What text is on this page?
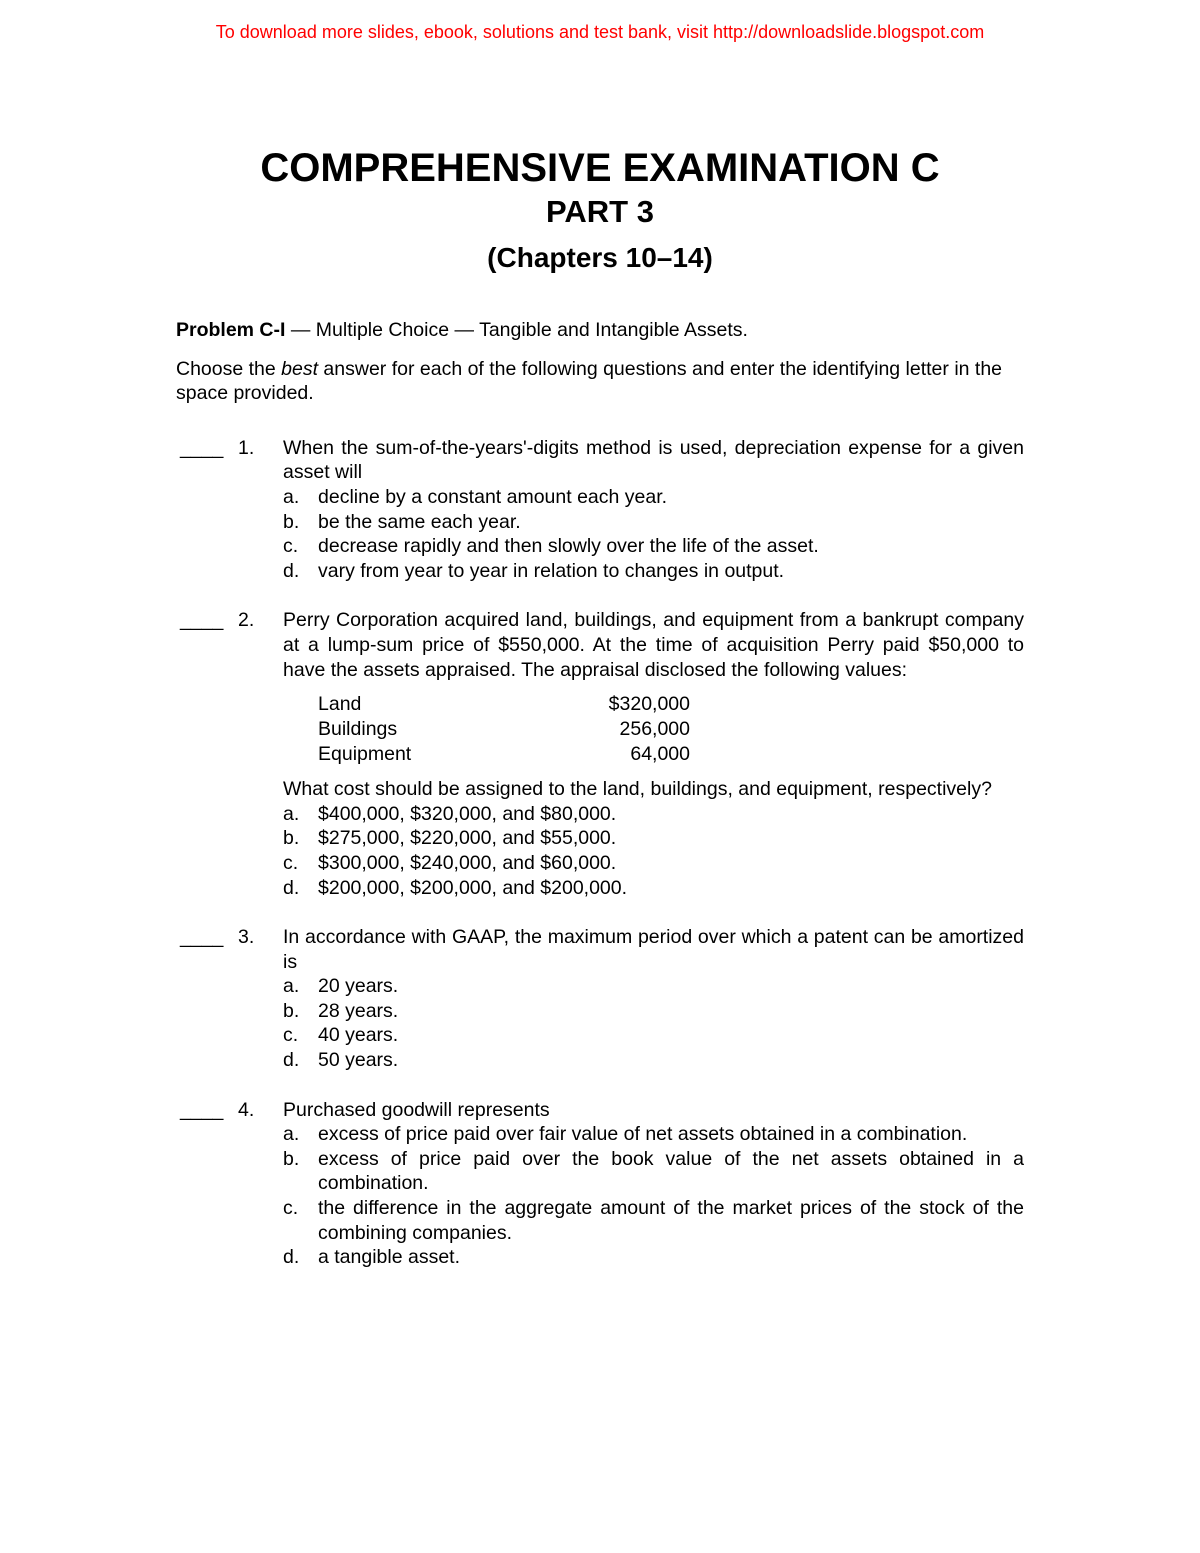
To download more slides, ebook, solutions and test bank, visit http://downloadslide.blogspot.com
COMPREHENSIVE EXAMINATION C
PART 3
(Chapters 10–14)

Problem C-I — Multiple Choice — Tangible and Intangible Assets.

Choose the best answer for each of the following questions and enter the identifying letter in the space provided.

____ 1. When the sum-of-the-years'-digits method is used, depreciation expense for a given asset will

a. decline by a constant amount each year.
b. be the same each year.
c. decrease rapidly and then slowly over the life of the asset.
d. vary from year to year in relation to changes in output.
____ 2. Perry Corporation acquired land, buildings, and equipment from a bankrupt company at a lump-sum price of $550,000. At the time of acquisition Perry paid $50,000 to have the assets appraised. The appraisal disclosed the following values:

Land	$320,000
Buildings	256,000
Equipment	64,000

What cost should be assigned to the land, buildings, and equipment, respectively?

a. $400,000, $320,000, and $80,000.
b. $275,000, $220,000, and $55,000.
c. $300,000, $240,000, and $60,000.
d. $200,000, $200,000, and $200,000.
____ 3. In accordance with GAAP, the maximum period over which a patent can be amortized is

a. 20 years.
b. 28 years.
c. 40 years.
d. 50 years.
____ 4. Purchased goodwill represents

a. excess of price paid over fair value of net assets obtained in a combination.
b. excess of price paid over the book value of the net assets obtained in a combination.
c. the difference in the aggregate amount of the market prices of the stock of the combining companies.
d. a tangible asset.
